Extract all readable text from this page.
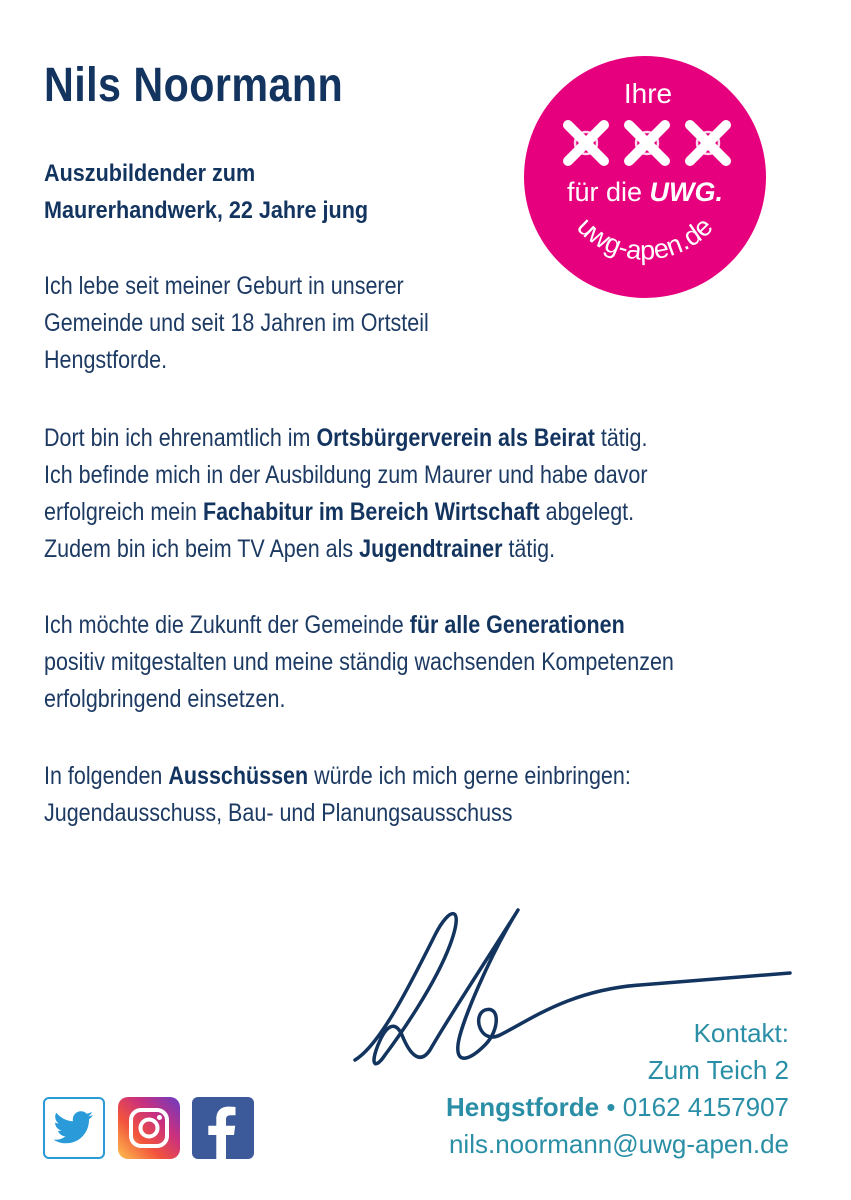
Nils Noormann
Auszubildender zum
Maurerhandwerk, 22 Jahre jung
Ich lebe seit meiner Geburt in unserer
Gemeinde und seit 18 Jahren im Ortsteil
Hengstforde.
Dort bin ich ehrenamtlich im Ortsbürgerverein als Beirat tätig.
Ich befinde mich in der Ausbildung zum Maurer und habe davor
erfolgreich mein Fachabitur im Bereich Wirtschaft abgelegt.
Zudem bin ich beim TV Apen als Jugendtrainer tätig.
Ich möchte die Zukunft der Gemeinde für alle Generationen
positiv mitgestalten und meine ständig wachsenden Kompetenzen
erfolgbringend einsetzen.
In folgenden Ausschüssen würde ich mich gerne einbringen:
Jugendausschuss, Bau- und Planungsausschuss
Ihre
für die UWG.
uwg-apen.de
Kontakt:
Zum Teich 2
Hengstforde • 0162 4157907
nils.noormann@uwg-apen.de
